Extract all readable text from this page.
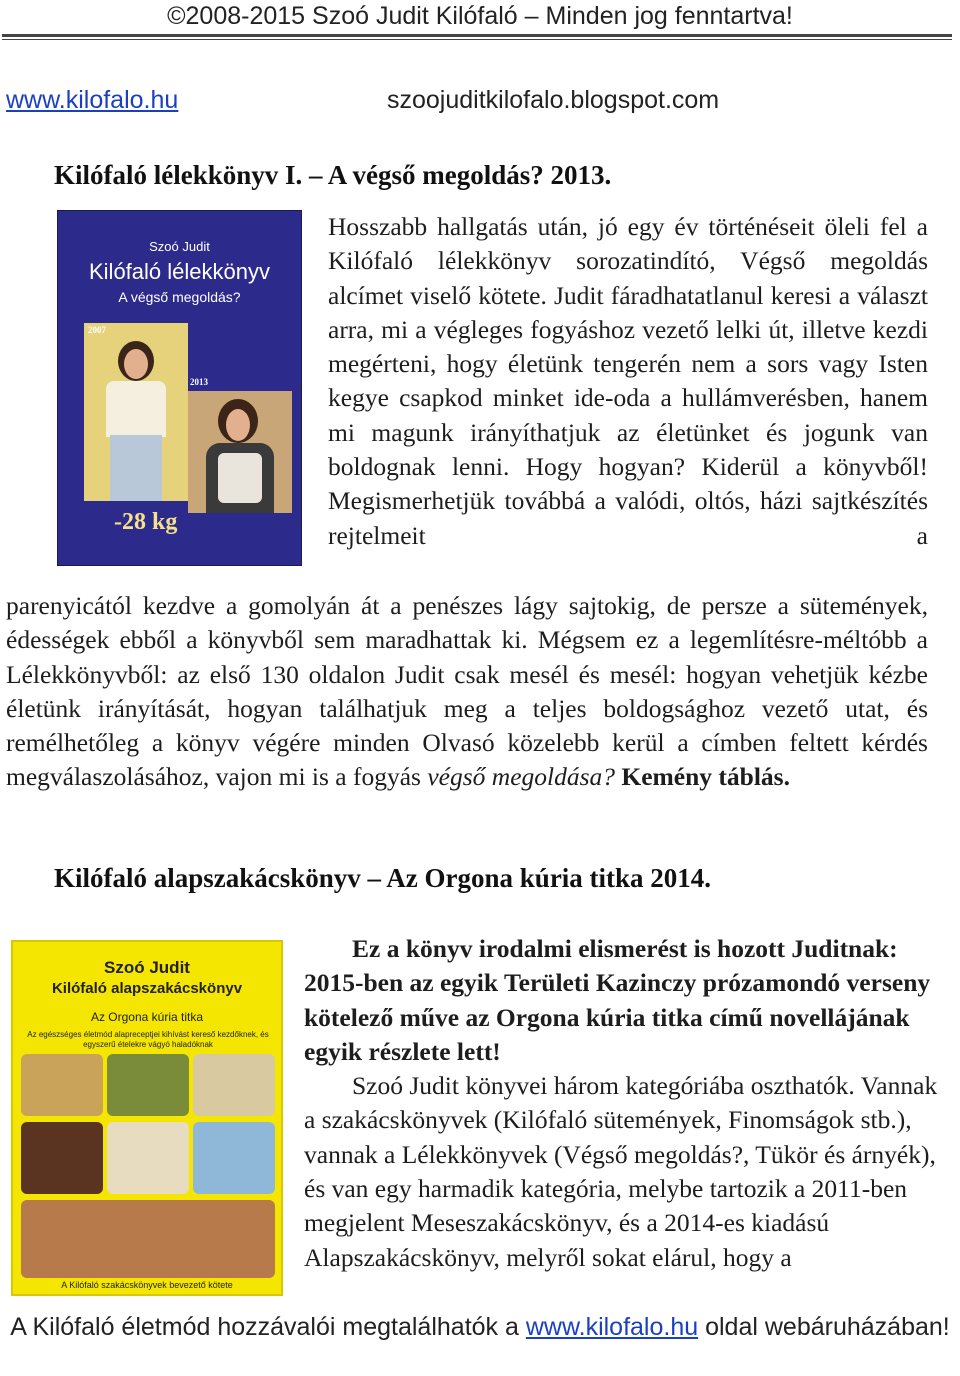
©2008-2015 Szoó Judit Kilófaló – Minden jog fenntartva!
www.kilofalo.hu	szoojuditkilofalo.blogspot.com
Kilófaló lélekkönyv I. – A végső megoldás? 2013.
Szoó Judit
Kilófaló lélekkönyv
A végső megoldás?
2007
2013
-28 kg
Hosszabb hallgatás után, jó egy év történéseit öleli fel a Kilófaló lélekkönyv sorozatindító, Végső megoldás alcímet viselő kötete. Judit fáradhatatlanul keresi a választ arra, mi a végleges fogyáshoz vezető lelki út, illetve kezdi megérteni, hogy életünk tengerén nem a sors vagy Isten kegye csapkod minket ide-oda a hullámverésben, hanem mi magunk irányíthatjuk az életünket és jogunk van boldognak lenni. Hogy hogyan? Kiderül a könyvből! Megismerhetjük továbbá a valódi, oltós, házi sajtkészítés rejtelmeit a
parenyicától kezdve a gomolyán át a penészes lágy sajtokig, de persze a sütemények, édességek ebből a könyvből sem maradhattak ki. Mégsem ez a legemlítésre-méltóbb a Lélekkönyvből: az első 130 oldalon Judit csak mesél és mesél: hogyan vehetjük kézbe életünk irányítását, hogyan találhatjuk meg a teljes boldogsághoz vezető utat, és remélhetőleg a könyv végére minden Olvasó közelebb kerül a címben feltett kérdés megválaszolásához, vajon mi is a fogyás végső megoldása? Kemény táblás.
Kilófaló alapszakácskönyv – Az Orgona kúria titka 2014.
Szoó Judit
Kilófaló alapszakácskönyv
Az Orgona kúria titka
Az egészséges életmód alapreceptjei kihívást kereső kezdőknek, és egyszerű ételekre vágyó haladóknak
A Kilófaló szakácskönyvek bevezető kötete
Ez a könyv irodalmi elismerést is hozott Juditnak: 2015-ben az egyik Területi Kazinczy prózamondó verseny kötelező műve az Orgona kúria titka című novellájának egyik részlete lett!
Szoó Judit könyvei három kategóriába oszthatók. Vannak a szakácskönyvek (Kilófaló sütemények, Finomságok stb.), vannak a Lélekkönyvek (Végső megoldás?, Tükör és árnyék), és van egy harmadik kategória, melybe tartozik a 2011-ben megjelent Meseszakácskönyv, és a 2014-es kiadású Alapszakácskönyv, melyről sokat elárul, hogy a
A Kilófaló életmód hozzávalói megtalálhatók a www.kilofalo.hu oldal webáruházában!
